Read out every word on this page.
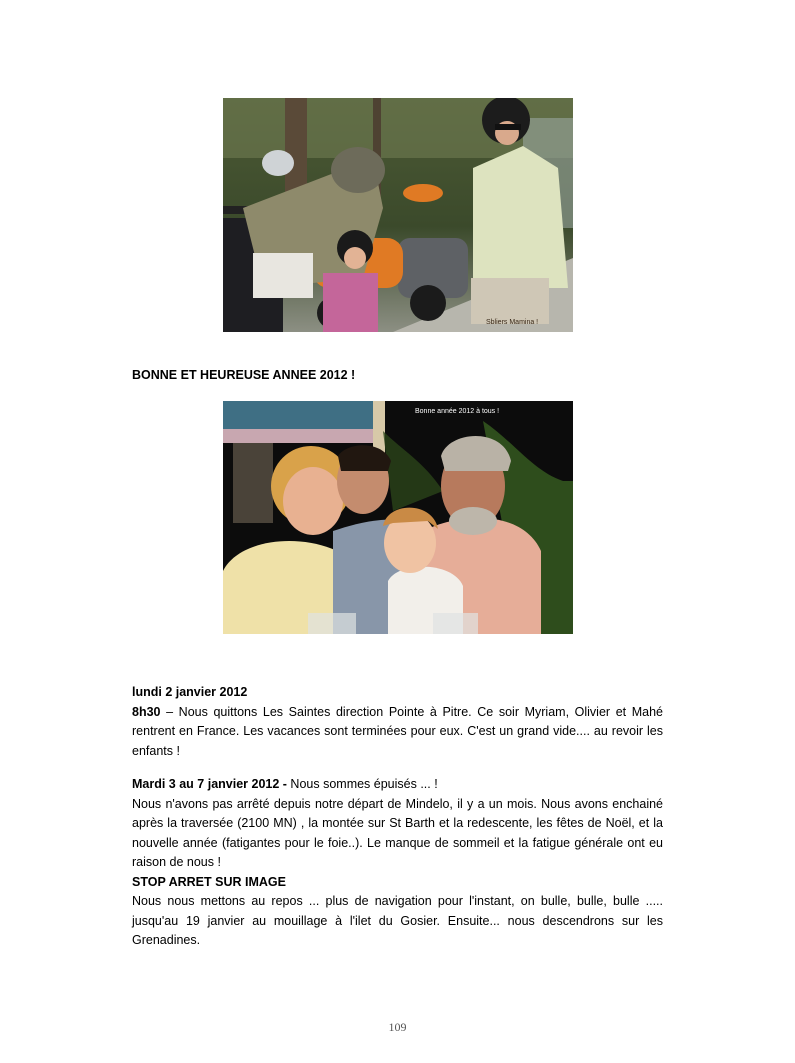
Sbliers Mamina !
BONNE ET HEUREUSE ANNEE 2012 !
Bonne année 2012 à tous !

lundi 2 janvier 2012

8h30 – Nous quittons Les Saintes direction Pointe à Pitre. Ce soir Myriam, Olivier et Mahé rentrent en France. Les vacances sont terminées pour eux. C'est un grand vide.... au revoir les enfants !

Mardi 3 au 7 janvier 2012 - Nous sommes épuisés ... !

Nous n'avons pas arrêté depuis notre départ de Mindelo, il y a un mois. Nous avons enchainé après la traversée (2100 MN) , la montée sur St Barth et la redescente, les fêtes de Noël, et la nouvelle année (fatigantes pour le foie..). Le manque de sommeil et la fatigue générale ont eu raison de nous !

STOP ARRET SUR IMAGE

Nous nous mettons au repos ... plus de navigation pour l'instant, on bulle, bulle, bulle ..... jusqu'au 19 janvier au mouillage à l'ilet du Gosier. Ensuite... nous descendrons sur les Grenadines.

109
